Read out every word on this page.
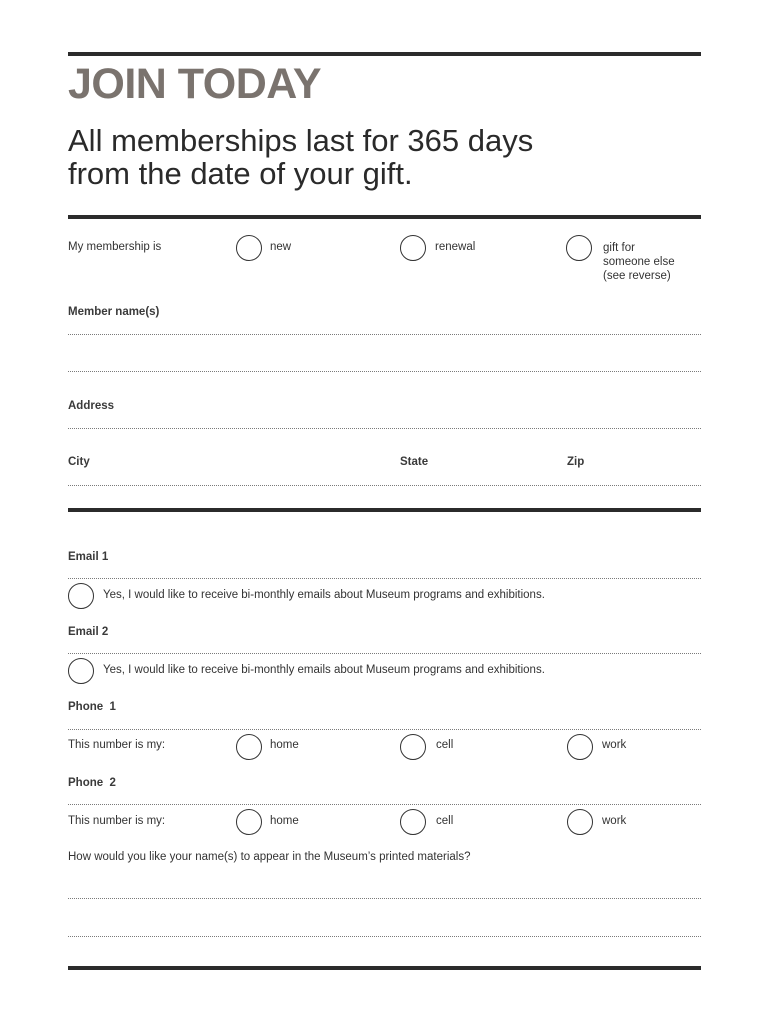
JOIN TODAY
All memberships last for 365 days
from the date of your gift.
My membership is	new	renewal	gift for
someone else
(see reverse)
Member name(s)
Address
City	State	Zip
Email 1
Yes, I would like to receive bi-monthly emails about Museum programs and exhibitions.
Email 2
Yes, I would like to receive bi-monthly emails about Museum programs and exhibitions.
Phone  1
This number is my:	home	cell	work
Phone  2
This number is my:	home	cell	work
How would you like your name(s) to appear in the Museum’s printed materials?
